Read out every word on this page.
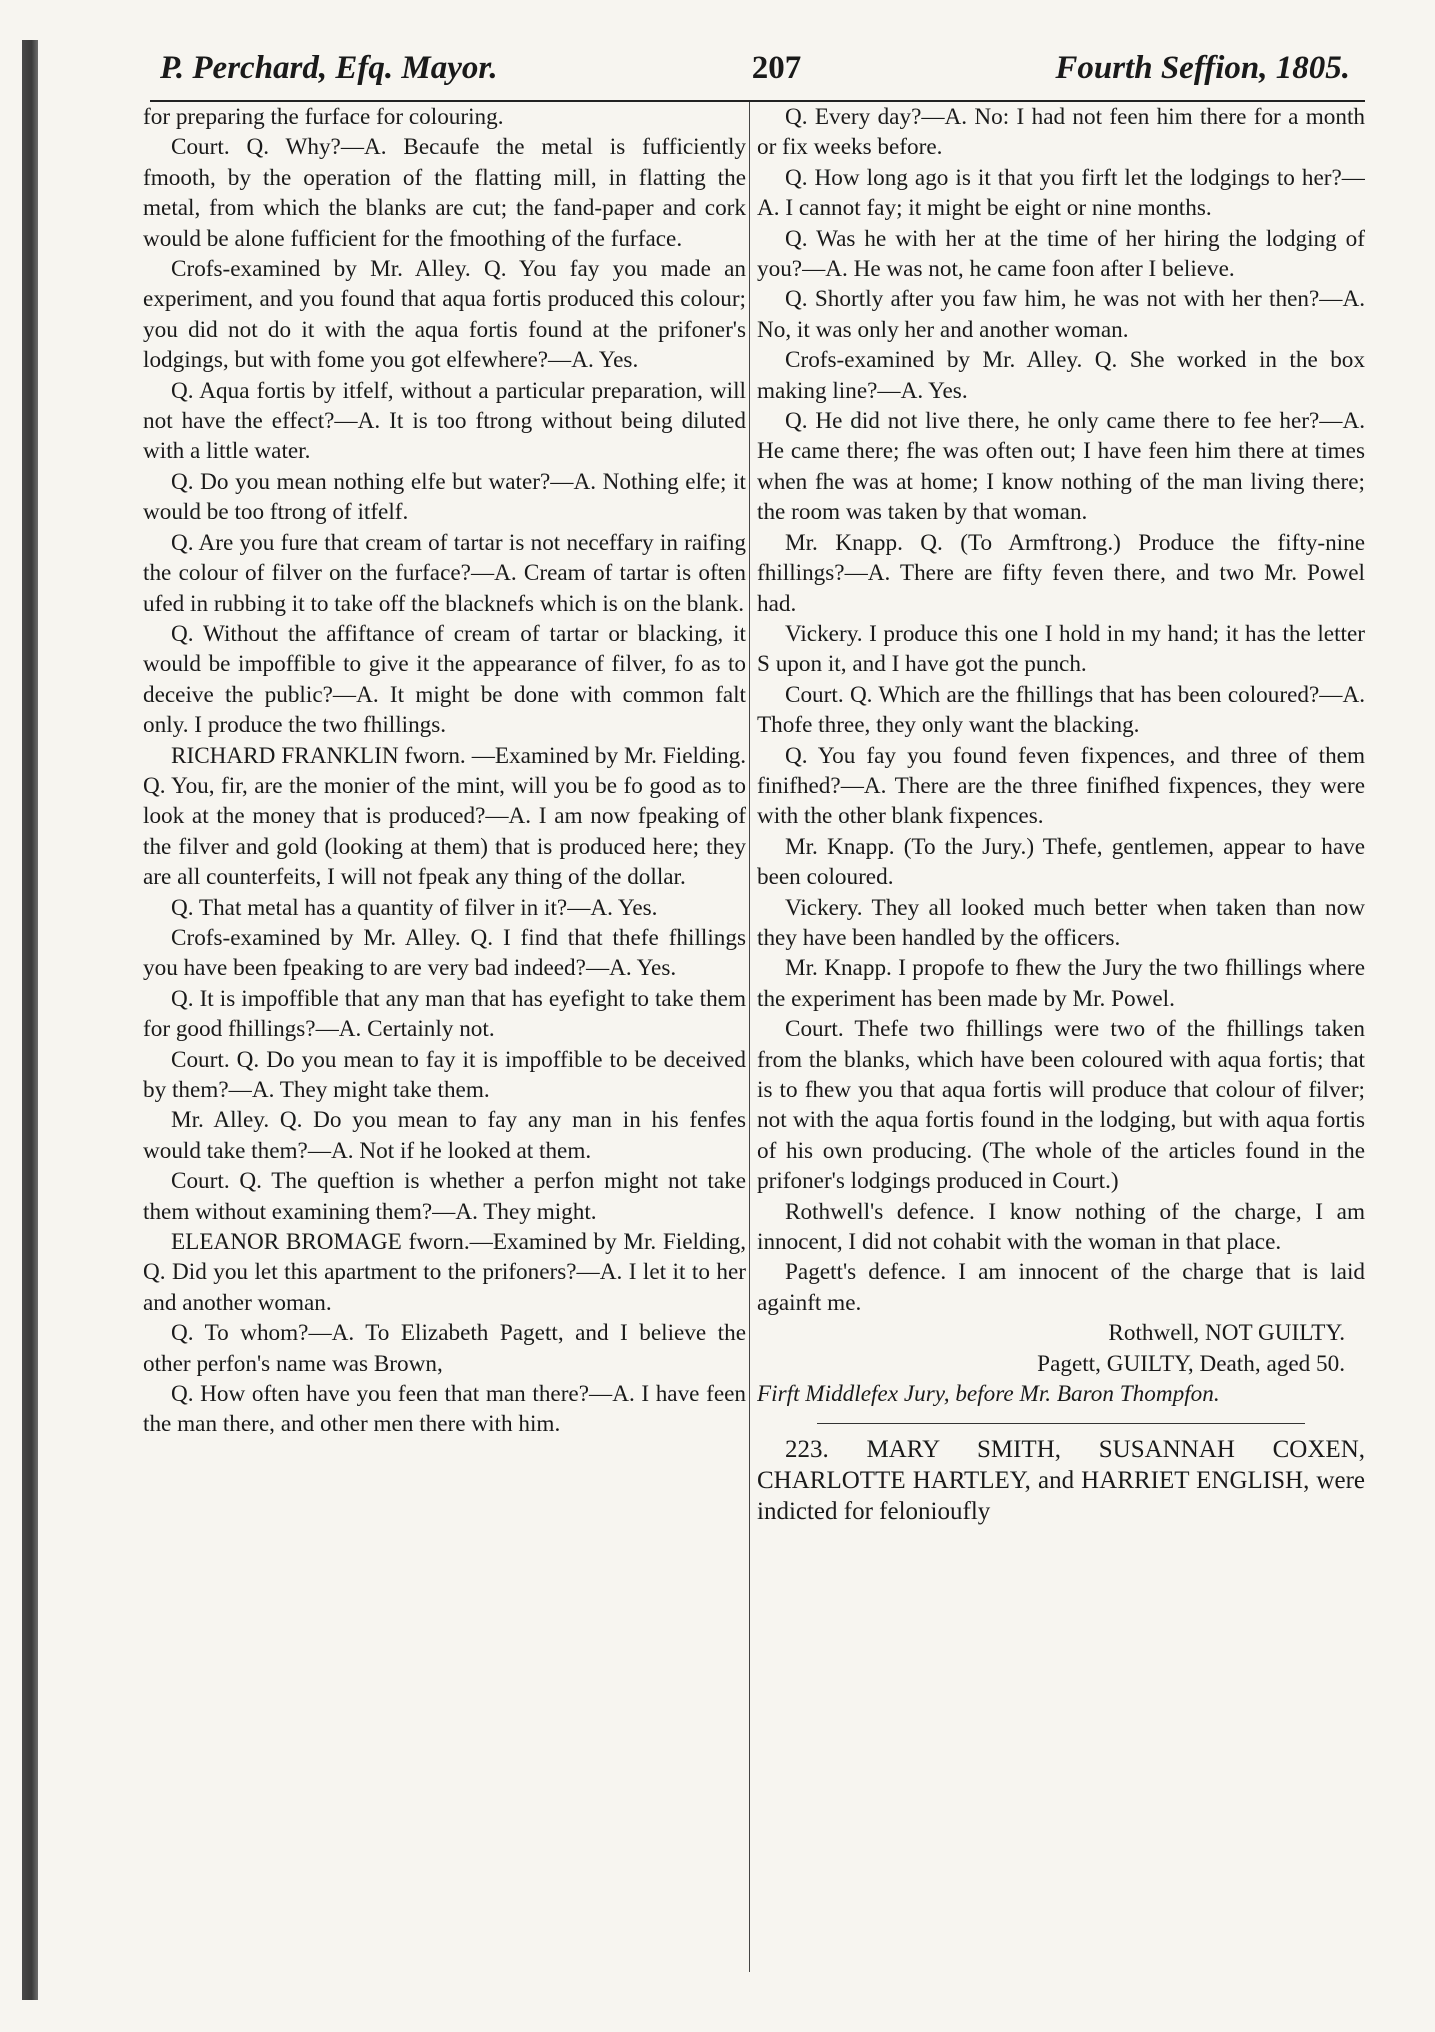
P. Perchard, Efq. Mayor.	207	Fourth Seffion, 1805.

for preparing the furface for colouring.

Court. Q. Why?—A. Becaufe the metal is fufficiently fmooth, by the operation of the flatting mill, in flatting the metal, from which the blanks are cut; the fand-paper and cork would be alone fufficient for the fmoothing of the furface.

Crofs-examined by Mr. Alley. Q. You fay you made an experiment, and you found that aqua fortis produced this colour; you did not do it with the aqua fortis found at the prifoner's lodgings, but with fome you got elfewhere?—A. Yes.

Q. Aqua fortis by itfelf, without a particular preparation, will not have the effect?—A. It is too ftrong without being diluted with a little water.

Q. Do you mean nothing elfe but water?—A. Nothing elfe; it would be too ftrong of itfelf.

Q. Are you fure that cream of tartar is not neceffary in raifing the colour of filver on the furface?—A. Cream of tartar is often ufed in rubbing it to take off the blacknefs which is on the blank.

Q. Without the affiftance of cream of tartar or blacking, it would be impoffible to give it the appearance of filver, fo as to deceive the public?—A. It might be done with common falt only. I produce the two fhillings.

RICHARD FRANKLIN fworn. —Examined by Mr. Fielding. Q. You, fir, are the monier of the mint, will you be fo good as to look at the money that is produced?—A. I am now fpeaking of the filver and gold (looking at them) that is produced here; they are all counterfeits, I will not fpeak any thing of the dollar.

Q. That metal has a quantity of filver in it?—A. Yes.

Crofs-examined by Mr. Alley. Q. I find that thefe fhillings you have been fpeaking to are very bad indeed?—A. Yes.

Q. It is impoffible that any man that has eyefight to take them for good fhillings?—A. Certainly not.

Court. Q. Do you mean to fay it is impoffible to be deceived by them?—A. They might take them.

Mr. Alley. Q. Do you mean to fay any man in his fenfes would take them?—A. Not if he looked at them.

Court. Q. The queftion is whether a perfon might not take them without examining them?—A. They might.

ELEANOR BROMAGE fworn.—Examined by Mr. Fielding, Q. Did you let this apartment to the prifoners?—A. I let it to her and another woman.

Q. To whom?—A. To Elizabeth Pagett, and I believe the other perfon's name was Brown,

Q. How often have you feen that man there?—A. I have feen the man there, and other men there with him.

Q. Every day?—A. No: I had not feen him there for a month or fix weeks before.

Q. How long ago is it that you firft let the lodgings to her?—A. I cannot fay; it might be eight or nine months.

Q. Was he with her at the time of her hiring the lodging of you?—A. He was not, he came foon after I believe.

Q. Shortly after you faw him, he was not with her then?—A. No, it was only her and another woman.

Crofs-examined by Mr. Alley. Q. She worked in the box making line?—A. Yes.

Q. He did not live there, he only came there to fee her?—A. He came there; fhe was often out; I have feen him there at times when fhe was at home; I know nothing of the man living there; the room was taken by that woman.

Mr. Knapp. Q. (To Armftrong.) Produce the fifty-nine fhillings?—A. There are fifty feven there, and two Mr. Powel had.

Vickery. I produce this one I hold in my hand; it has the letter S upon it, and I have got the punch.

Court. Q. Which are the fhillings that has been coloured?—A. Thofe three, they only want the blacking.

Q. You fay you found feven fixpences, and three of them finifhed?—A. There are the three finifhed fixpences, they were with the other blank fixpences.

Mr. Knapp. (To the Jury.) Thefe, gentlemen, appear to have been coloured.

Vickery. They all looked much better when taken than now they have been handled by the officers.

Mr. Knapp. I propofe to fhew the Jury the two fhillings where the experiment has been made by Mr. Powel.

Court. Thefe two fhillings were two of the fhillings taken from the blanks, which have been coloured with aqua fortis; that is to fhew you that aqua fortis will produce that colour of filver; not with the aqua fortis found in the lodging, but with aqua fortis of his own producing. (The whole of the articles found in the prifoner's lodgings produced in Court.)

Rothwell's defence. I know nothing of the charge, I am innocent, I did not cohabit with the woman in that place.

Pagett's defence. I am innocent of the charge that is laid againft me.

Rothwell, NOT GUILTY.

Pagett, GUILTY, Death, aged 50.

Firft Middlefex Jury, before Mr. Baron Thompfon.

223. MARY SMITH, SUSANNAH COXEN, CHARLOTTE HARTLEY, and HARRIET ENGLISH, were indicted for felonioufly
